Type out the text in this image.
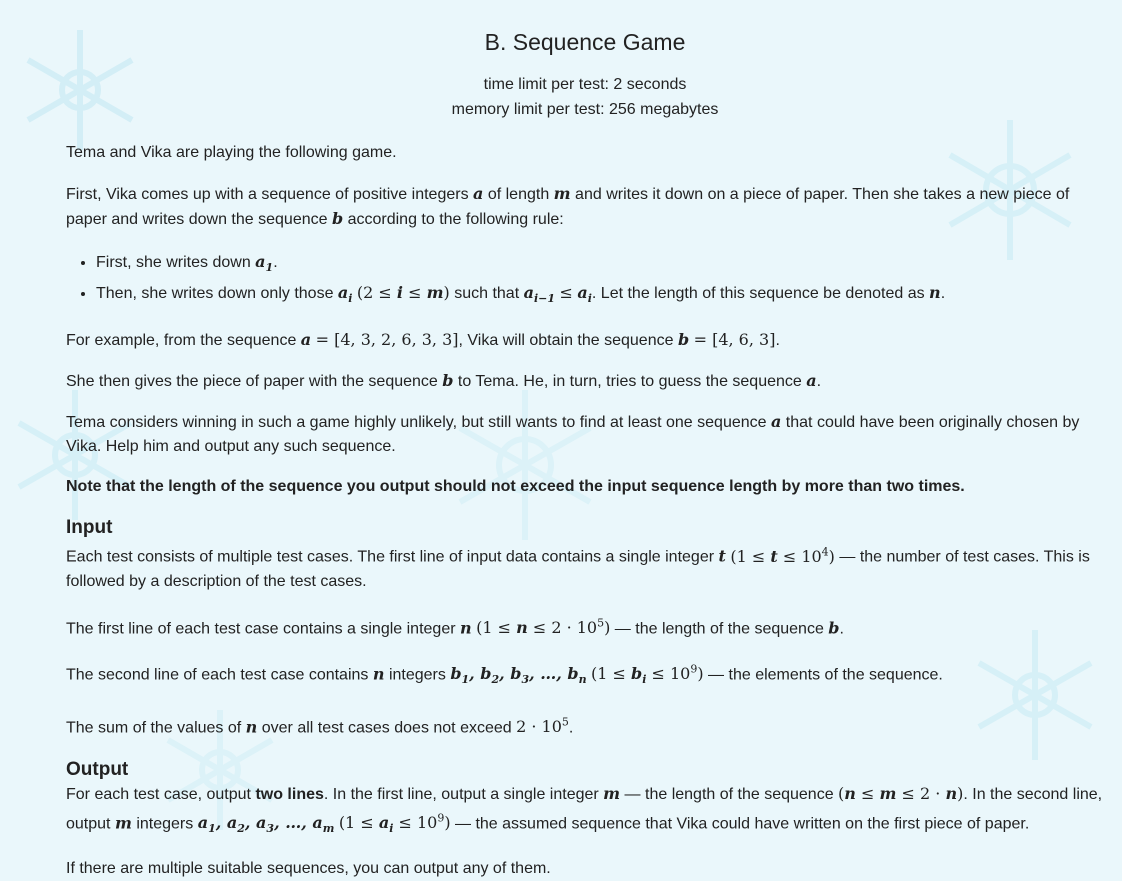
B. Sequence Game
time limit per test: 2 seconds
memory limit per test: 256 megabytes

Tema and Vika are playing the following game.

First, Vika comes up with a sequence of positive integers a of length m and writes it down on a piece of paper. Then she takes a new piece of paper and writes down the sequence b according to the following rule:

• First, she writes down $a_1$.
• Then, she writes down only those $a_i$ (2 ≤ i ≤ m) such that $a_{i-1} \le a_i$. Let the length of this sequence be denoted as n.

For example, from the sequence a = [4, 3, 2, 6, 3, 3], Vika will obtain the sequence b = [4, 6, 3].

She then gives the piece of paper with the sequence b to Tema. He, in turn, tries to guess the sequence a.

Tema considers winning in such a game highly unlikely, but still wants to find at least one sequence a that could have been originally chosen by Vika. Help him and output any such sequence.

Note that the length of the sequence you output should not exceed the input sequence length by more than two times.

Input

Each test consists of multiple test cases. The first line of input data contains a single integer t $(1 \le t \le 10^4)$ — the number of test cases. This is followed by a description of the test cases.

The first line of each test case contains a single integer n $(1 \le n \le 2 \cdot 10^5)$ — the length of the sequence b.

The second line of each test case contains n integers $b_1$, $b_2$, $b_3$, …, $b_n$ $(1 \le b_i \le 10^9)$ — the elements of the sequence.

The sum of the values of n over all test cases does not exceed $2 \cdot 10^5$.

Output

For each test case, output two lines. In the first line, output a single integer m — the length of the sequence (n ≤ m ≤ 2 · n). In the second line, output m integers $a_1$, $a_2$, $a_3$, …, $a_m$ $(1 \le a_i \le 10^9)$ — the assumed sequence that Vika could have written on the first piece of paper.

If there are multiple suitable sequences, you can output any of them.
